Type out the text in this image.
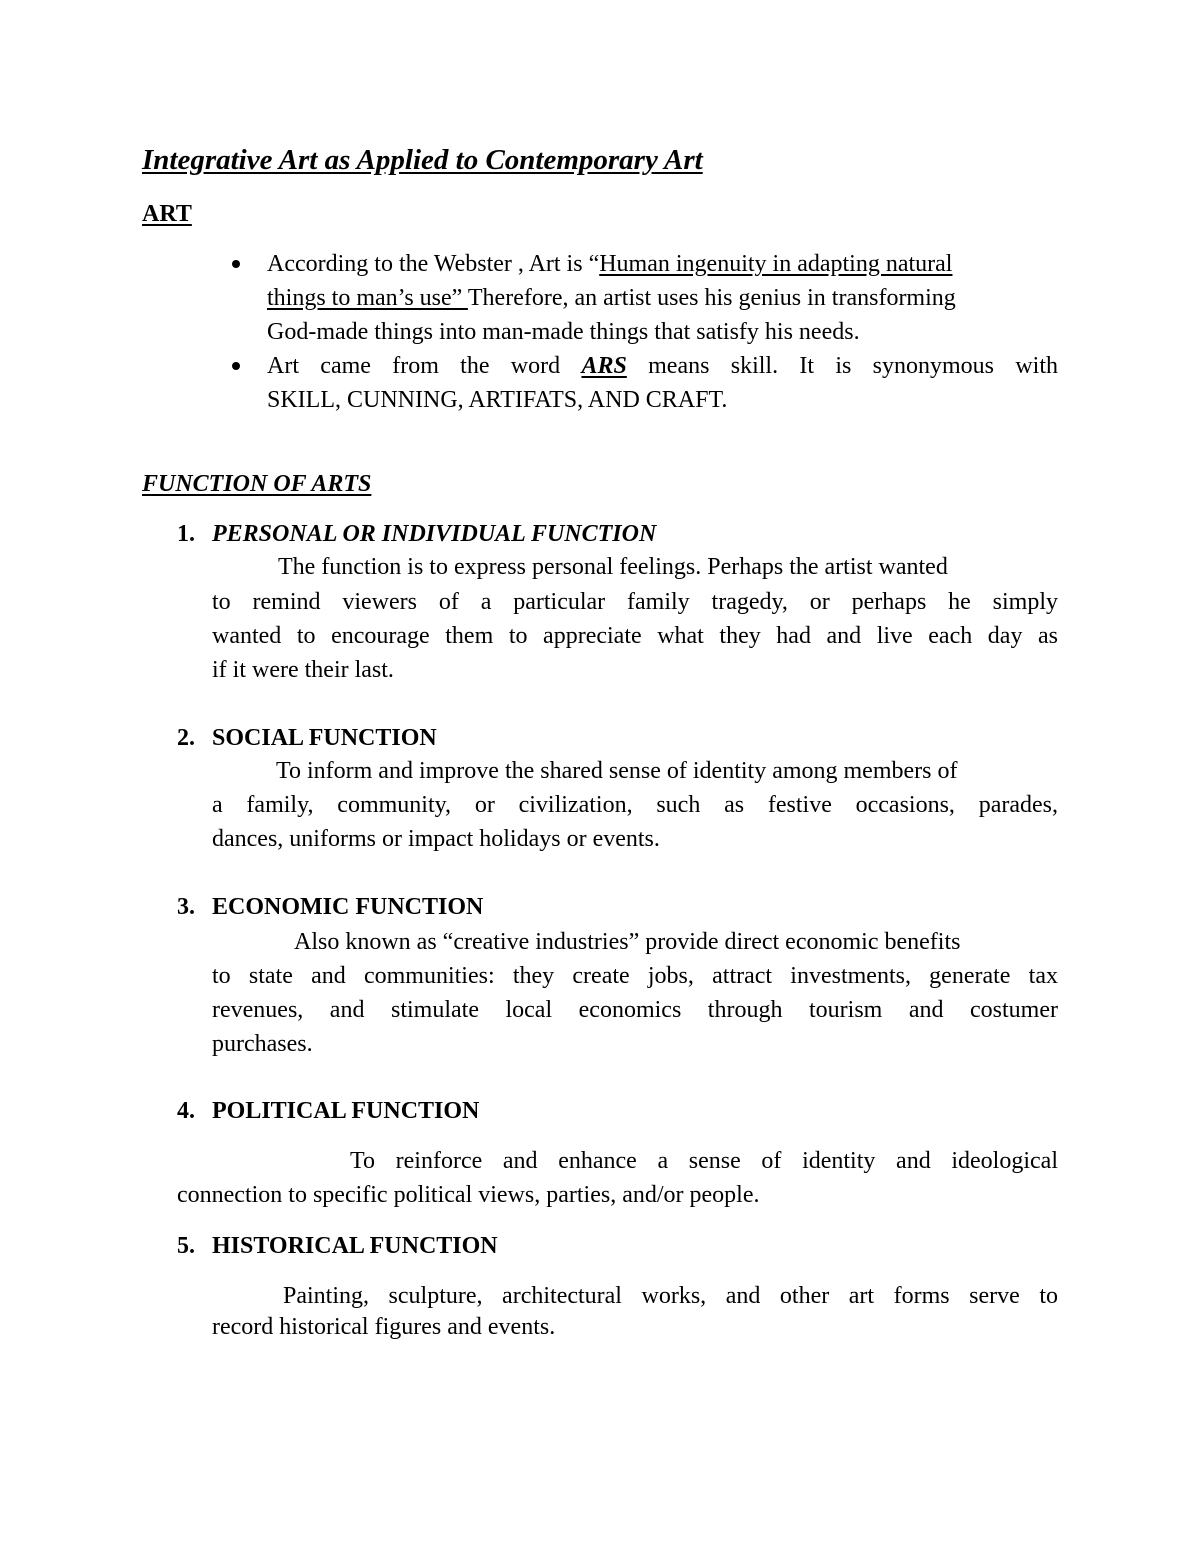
Integrative Art as Applied to Contemporary Art
ART
According to the Webster , Art is “Human ingenuity in adapting natural
things to man’s use” Therefore, an artist uses his genius in transforming
God-made things into man-made things that satisfy his needs.
Art came from the word ARS means skill. It is synonymous with
SKILL, CUNNING, ARTIFATS, AND CRAFT.
FUNCTION OF ARTS
1. PERSONAL OR INDIVIDUAL FUNCTION
The function is to express personal feelings. Perhaps the artist wanted
to remind viewers of a particular family tragedy, or perhaps he simply
wanted to encourage them to appreciate what they had and live each day as
if it were their last.
2. SOCIAL FUNCTION
To inform and improve the shared sense of identity among members of
a family, community, or civilization, such as festive occasions, parades,
dances, uniforms or impact holidays or events.
3. ECONOMIC FUNCTION
Also known as “creative industries” provide direct economic benefits
to state and communities: they create jobs, attract investments, generate tax
revenues, and stimulate local economics through tourism and costumer
purchases.
4. POLITICAL FUNCTION
To reinforce and enhance a sense of identity and ideological
connection to specific political views, parties, and/or people.
5. HISTORICAL FUNCTION
Painting, sculpture, architectural works, and other art forms serve to
record historical figures and events.
